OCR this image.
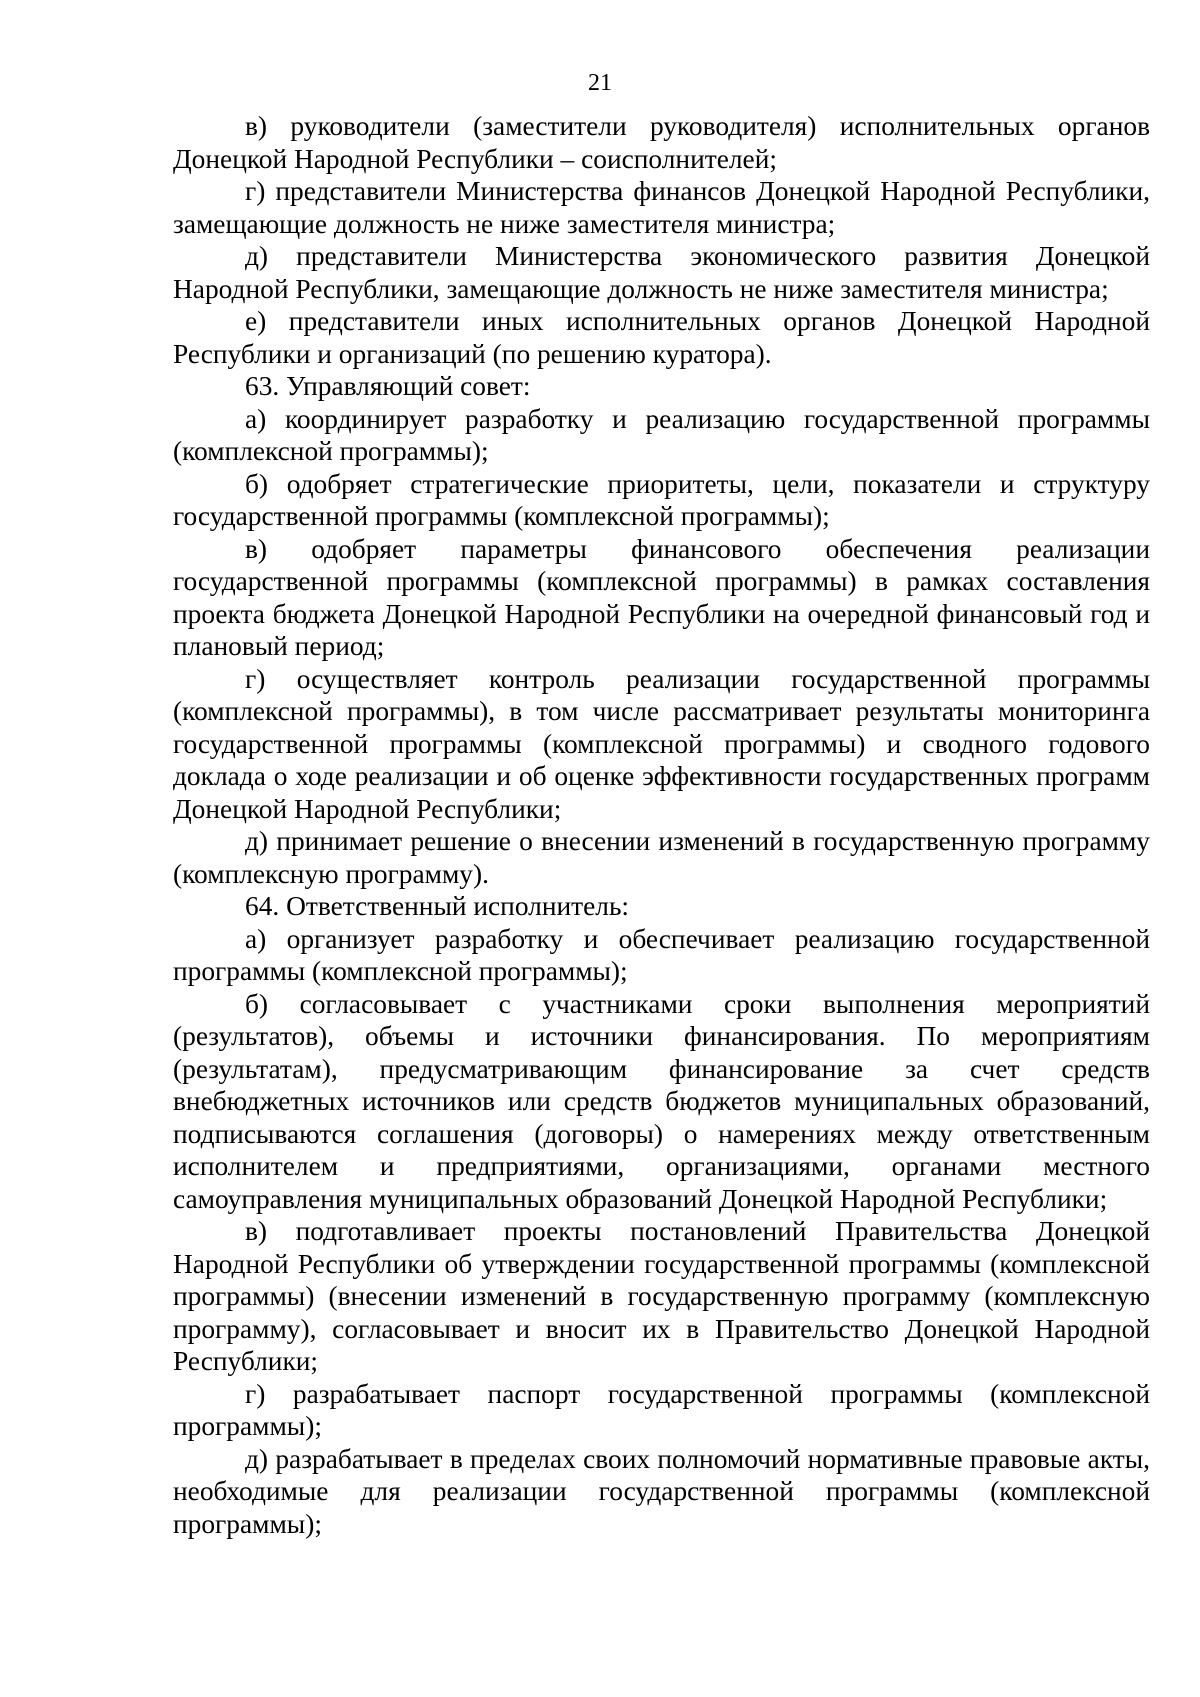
21

в) руководители (заместители руководителя) исполнительных органов Донецкой Народной Республики – соисполнителей;

г) представители Министерства финансов Донецкой Народной Республики, замещающие должность не ниже заместителя министра;

д) представители Министерства экономического развития Донецкой Народной Республики, замещающие должность не ниже заместителя министра;

е) представители иных исполнительных органов Донецкой Народной Республики и организаций (по решению куратора).

63. Управляющий совет:

а) координирует разработку и реализацию государственной программы (комплексной программы);

б) одобряет стратегические приоритеты, цели, показатели и структуру государственной программы (комплексной программы);

в) одобряет параметры финансового обеспечения реализации государственной программы (комплексной программы) в рамках составления проекта бюджета Донецкой Народной Республики на очередной финансовый год и плановый период;

г) осуществляет контроль реализации государственной программы (комплексной программы), в том числе рассматривает результаты мониторинга государственной программы (комплексной программы) и сводного годового доклада о ходе реализации и об оценке эффективности государственных программ Донецкой Народной Республики;

д) принимает решение о внесении изменений в государственную программу (комплексную программу).

64. Ответственный исполнитель:

а) организует разработку и обеспечивает реализацию государственной программы (комплексной программы);

б) согласовывает с участниками сроки выполнения мероприятий (результатов), объемы и источники финансирования. По мероприятиям (результатам), предусматривающим финансирование за счет средств внебюджетных источников или средств бюджетов муниципальных образований, подписываются соглашения (договоры) о намерениях между ответственным исполнителем и предприятиями, организациями, органами местного самоуправления муниципальных образований Донецкой Народной Республики;

в) подготавливает проекты постановлений Правительства Донецкой Народной Республики об утверждении государственной программы (комплексной программы) (внесении изменений в государственную программу (комплексную программу), согласовывает и вносит их в Правительство Донецкой Народной Республики;

г) разрабатывает паспорт государственной программы (комплексной программы);

д) разрабатывает в пределах своих полномочий нормативные правовые акты, необходимые для реализации государственной программы (комплексной программы);
